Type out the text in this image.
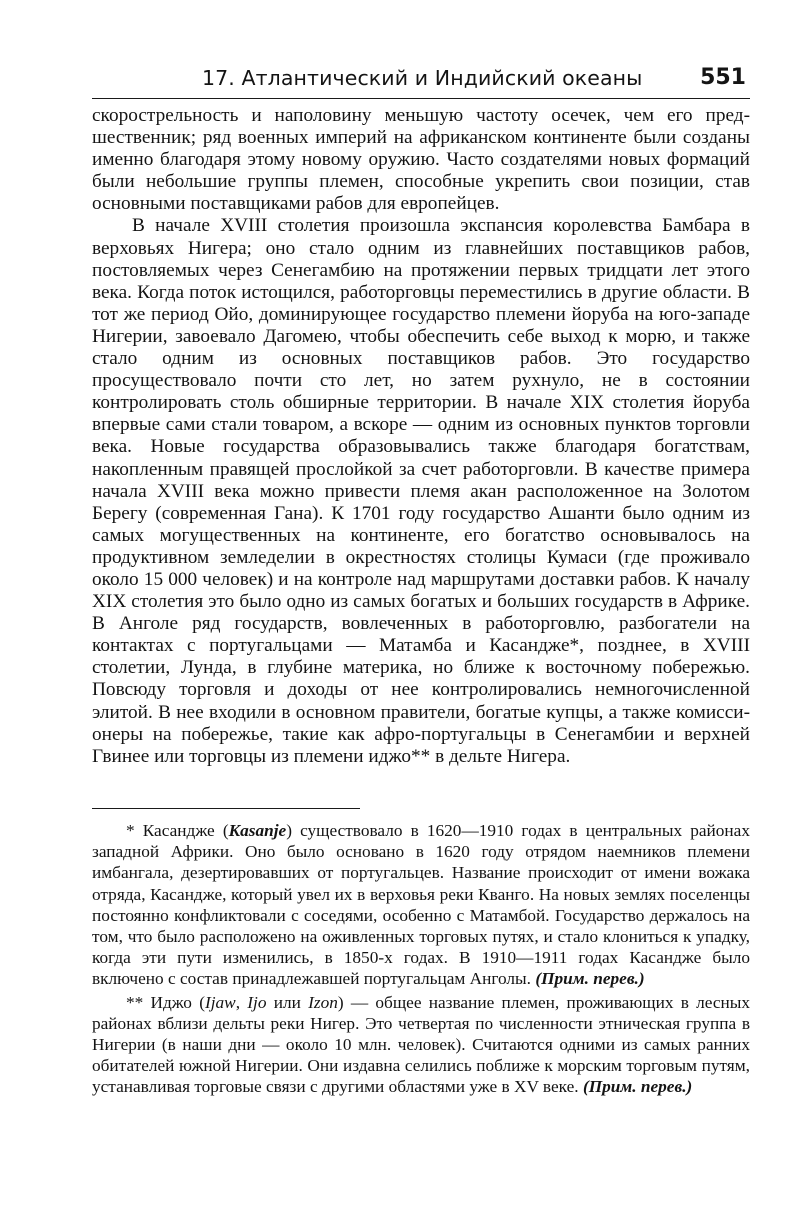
17. Атлантический и Индийский океаны	551

скорострельность и наполовину меньшую частоту осечек, чем его предшественник; ряд военных империй на африканском континенте были созданы именно благодаря этому новому оружию. Часто создателями новых формаций были небольшие группы племен, способные укрепить свои позиции, став основными поставщиками рабов для европейцев.

В начале XVIII столетия произошла экспансия королевства Бамбара в верховьях Нигера; оно стало одним из главнейших поставщиков рабов, постовляемых через Сенегамбию на протяжении первых тридцати лет этого века. Когда поток истощился, работорговцы переместились в другие области. В тот же период Ойо, доминирующее государство племени йоруба на юго-западе Нигерии, завоевало Дагомею, чтобы обеспечить себе выход к морю, и также стало одним из основных поставщиков рабов. Это государство просуществовало почти сто лет, но затем рухнуло, не в состоянии контролировать столь обширные территории. В начале XIX столетия йоруба впервые сами стали товаром, а вскоре — одним из основных пунктов торговли века. Новые государства образовывались также благодаря богатствам, накопленным правящей прослойкой за счет работорговли. В качестве примера начала XVIII века можно привести племя акан расположенное на Золотом Берегу (современная Гана). К 1701 году государство Ашанти было одним из самых могущественных на континенте, его богатство основывалось на продуктивном земледелии в окрестностях столицы Кумаси (где проживало около 15 000 человек) и на контроле над маршрутами доставки рабов. К началу XIX столетия это было одно из самых богатых и больших государств в Африке. В Анголе ряд государств, вовлеченных в работорговлю, разбогатели на контактах с португальцами — Матамба и Касандже*, позднее, в XVIII столетии, Лунда, в глубине материка, но ближе к восточному побережью. Повсюду торговля и доходы от нее контролировались немногочисленной элитой. В нее входили в основном правители, богатые купцы, а также комиссионеры на побережье, такие как афро-португальцы в Сенегамбии и верхней Гвинее или торговцы из племени иджо** в дельте Нигера.

* Касандже (Kasanje) существовало в 1620—1910 годах в центральных районах западной Африки. Оно было основано в 1620 году отрядом наемников племени имбангала, дезертировавших от португальцев. Название происходит от имени вожака отряда, Касандже, который увел их в верховья реки Кванго. На новых землях поселенцы постоянно конфликтовали с соседями, особенно с Матамбой. Государство держалось на том, что было расположено на оживленных торговых путях, и стало клониться к упадку, когда эти пути изменились, в 1850-х годах. В 1910—1911 годах Касандже было включено с состав принадлежавшей португальцам Анголы. (Прим. перев.)

** Иджо (Ijaw, Ijo или Izon) — общее название племен, проживающих в лесных районах вблизи дельты реки Нигер. Это четвертая по численности этническая группа в Нигерии (в наши дни — около 10 млн. человек). Считаются одними из самых ранних обитателей южной Нигерии. Они издавна селились поближе к морским торговым путям, устанавливая торговые связи с другими областями уже в XV веке. (Прим. перев.)
